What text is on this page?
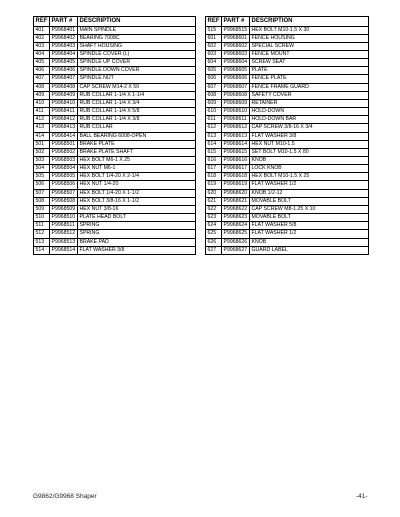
REF	PART #	DESCRIPTION
401	P9968401	MAIN SPINDLE
402	P9968402	BEARING 7008C
403	P9968403	SHAFT HOUSING
404	P9968404	SPINDLE COVER (L)
405	P9968405	SPINDLE UP COVER
406	P9968406	SPINDLE DOWN COVER
407	P9968407	SPINDLE NUT
408	P9968408	CAP SCREW M14-2 X 50
409	P9968409	RUB COLLAR 1-1/4 X 1-1/4
410	P9968410	RUB COLLAR 1-1/4 X 3/4
411	P9968411	RUB COLLAR 1-1/4 X 5/8
412	P9968412	RUB COLLAR 1-1/4 X 3/8
413	P9968413	RUB COLLAR
414	P9968414	BALL BEARING 6008-OPEN
501	P9968501	BRAKE PLATE
502	P9968502	BRAKE PLATE SHAFT
503	P9968503	HEX BOLT M6-1 X 25
504	P9968504	HEX NUT M6-1
505	P9968505	HEX BOLT 1/4-20 X 2-1/4
506	P9968506	HEX NUT 1/4-20
507	P9968507	HEX BOLT 1/4-20 X 1-1/2
508	P9968508	HEX BOLT 3/8-16 X 1-1/2
509	P9968509	HEX NUT 3/8-16
510	P9968510	PLATE HEAD BOLT
511	P9968511	SPRING
512	P9968512	SPRING
513	P9968513	BRAKE PAD
514	P9968514	FLAT WASHER 3/8
REF	PART #	DESCRIPTION
515	P9968515	HEX BOLT M10-1.5 X 30
601	P9968601	FENCE HOUSING
602	P9968602	SPECIAL SCREW
603	P9968603	FENCE MOUNT
604	P9968604	SCREW SEAT
605	P9968605	PLATE
606	P9968606	FENCE PLATE
607	P9968607	FENCE FRAME GUARD
608	P9968608	SAFETY COVER
609	P9968609	RETAINER
610	P9968610	HOLD-DOWN
611	P9968611	HOLD-DOWN BAR
612	P9968612	CAP SCREW 3/8-16 X 3/4
613	P9968613	FLAT WASHER 3/8
614	P9968614	HEX NUT M10-1.5
615	P9968615	SET BOLT M10-1.5 X 80
616	P9968616	KNOB
617	P9968617	LOCK KNOB
618	P9968618	HEX BOLT M10-1.5 X 25
619	P9968619	FLAT WASHER 1/2
620	P9968620	KNOB 1/2-12
621	P9968621	MOVABLE BOLT
622	P9968622	CAP SCREW M8-1.25 X 10
623	P9968623	MOVABLE BOLT
624	P9968624	FLAT WASHER 5/8
625	P9968625	FLAT WASHER 1/2
626	P9968626	KNOB
627	P9968627	GUARD LABEL
G9862/G9968 Shaper	-41-
